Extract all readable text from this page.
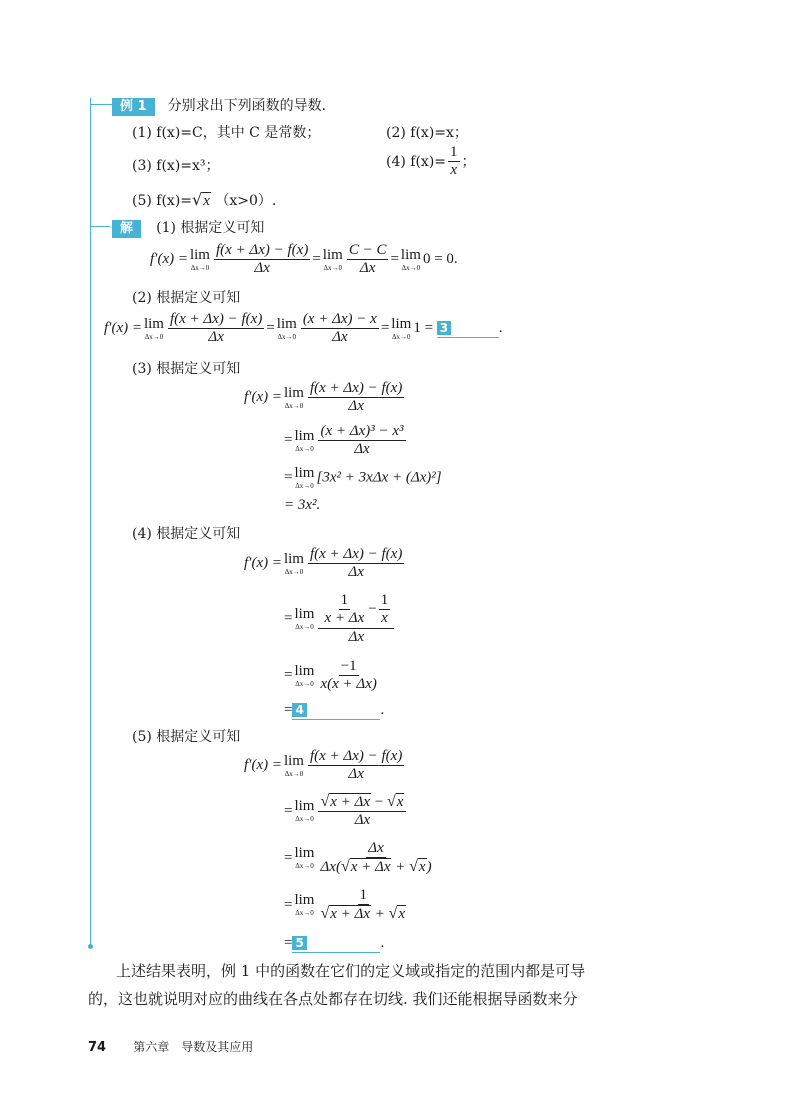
例 1 分别求出下列函数的导数.
(1) f(x)=C，其中 C 是常数；	(2) f(x)=x；
(3) f(x)=x³；	(4) $f(x)= \frac{1}{x}$ ；
(5) f(x)=√x （x>0）.
解 (1) 根据定义可知
f′(x) = lim
$\Delta x\to 0 \frac{f(x + \Delta x) - f(x)}{\Delta x} = \lim$
$\Delta x\to 0 \frac{C - C}{\Delta x} = \lim$
Δx→0
0 = 0.
(2) 根据定义可知
f′(x) = lim
$\Delta x\to 0 \frac{f(x + \Delta x) - f(x)}{\Delta x} = \lim$
$\Delta x\to 0 \frac{(x + \Delta x) - x}{\Delta x} = \lim$
Δx→0
1 = 3	.
(3) 根据定义可知
f′(x) = lim
$\Delta x\to 0 \frac{f(x + \Delta x) - f(x)}{\Delta x}$
= lim
$\Delta x\to 0 \frac{\text{(x + Δx)³ − x³}}{\Delta x}$
= lim
Δx→0
[3x² + 3xΔx + (Δx)²]
= 3x².
(4) 根据定义可知
f′(x) = lim
$\Delta x\to 0 \frac{f(x + \Delta x) - f(x)}{\Delta x}$
= lim
$\Delta x\to 0 \frac{\frac{1}{x + \Delta x} - \frac{1}{x}}{\Delta x}$
= lim
$\Delta x\to 0 \frac{-1}{x(x + \Delta x)}$
= 4	.
(5) 根据定义可知
f′(x) = lim
$\Delta x\to 0 \frac{f(x + \Delta x) - f(x)}{\Delta x}$
= lim
$\Delta x\to 0 \frac{√x + \Delta x - √x}{\Delta x}$
= lim
$\Delta x\to 0 \frac{\Delta x}{\Delta x(√x + \Delta x + √x)}$
= lim
$\Delta x\to 0 \frac{1}{√x + \Delta x + √x}$
= 5	.
上述结果表明，例 1 中的函数在它们的定义域或指定的范围内都是可导
的，这也就说明对应的曲线在各点处都存在切线. 我们还能根据导函数来分
74 第六章　导数及其应用
